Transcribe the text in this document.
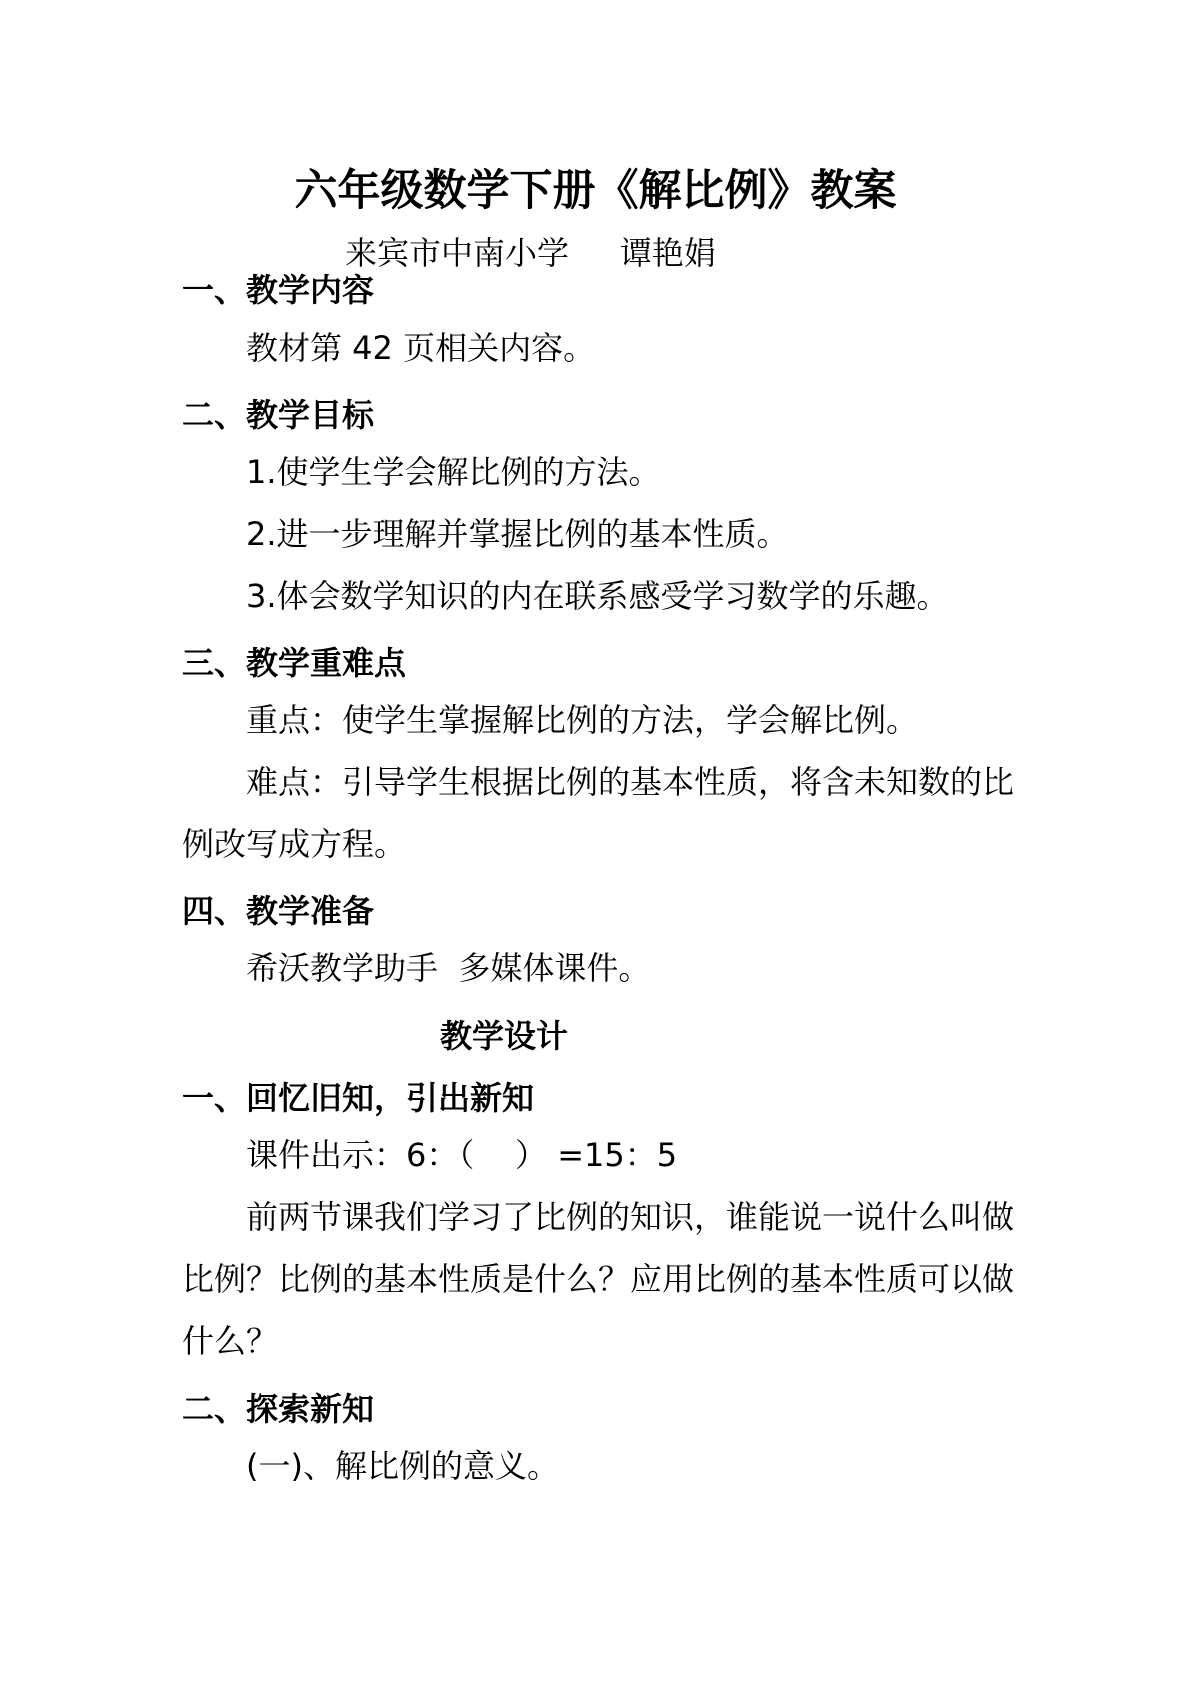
六年级数学下册《解比例》教案
来宾市中南小学     谭艳娟
一、教学内容

教材第 42 页相关内容。

二、教学目标

1.使学生学会解比例的方法。

2.进一步理解并掌握比例的基本性质。

3.体会数学知识的内在联系感受学习数学的乐趣。

三、教学重难点

重点：使学生掌握解比例的方法，学会解比例。

难点：引导学生根据比例的基本性质，将含未知数的比例改写成方程。

四、教学准备

希沃教学助手  多媒体课件。

教学设计
一、回忆旧知，引出新知

课件出示：6：（    ） =15：5

前两节课我们学习了比例的知识，谁能说一说什么叫做比例？比例的基本性质是什么？应用比例的基本性质可以做什么？

二、探索新知

(一)、解比例的意义。
